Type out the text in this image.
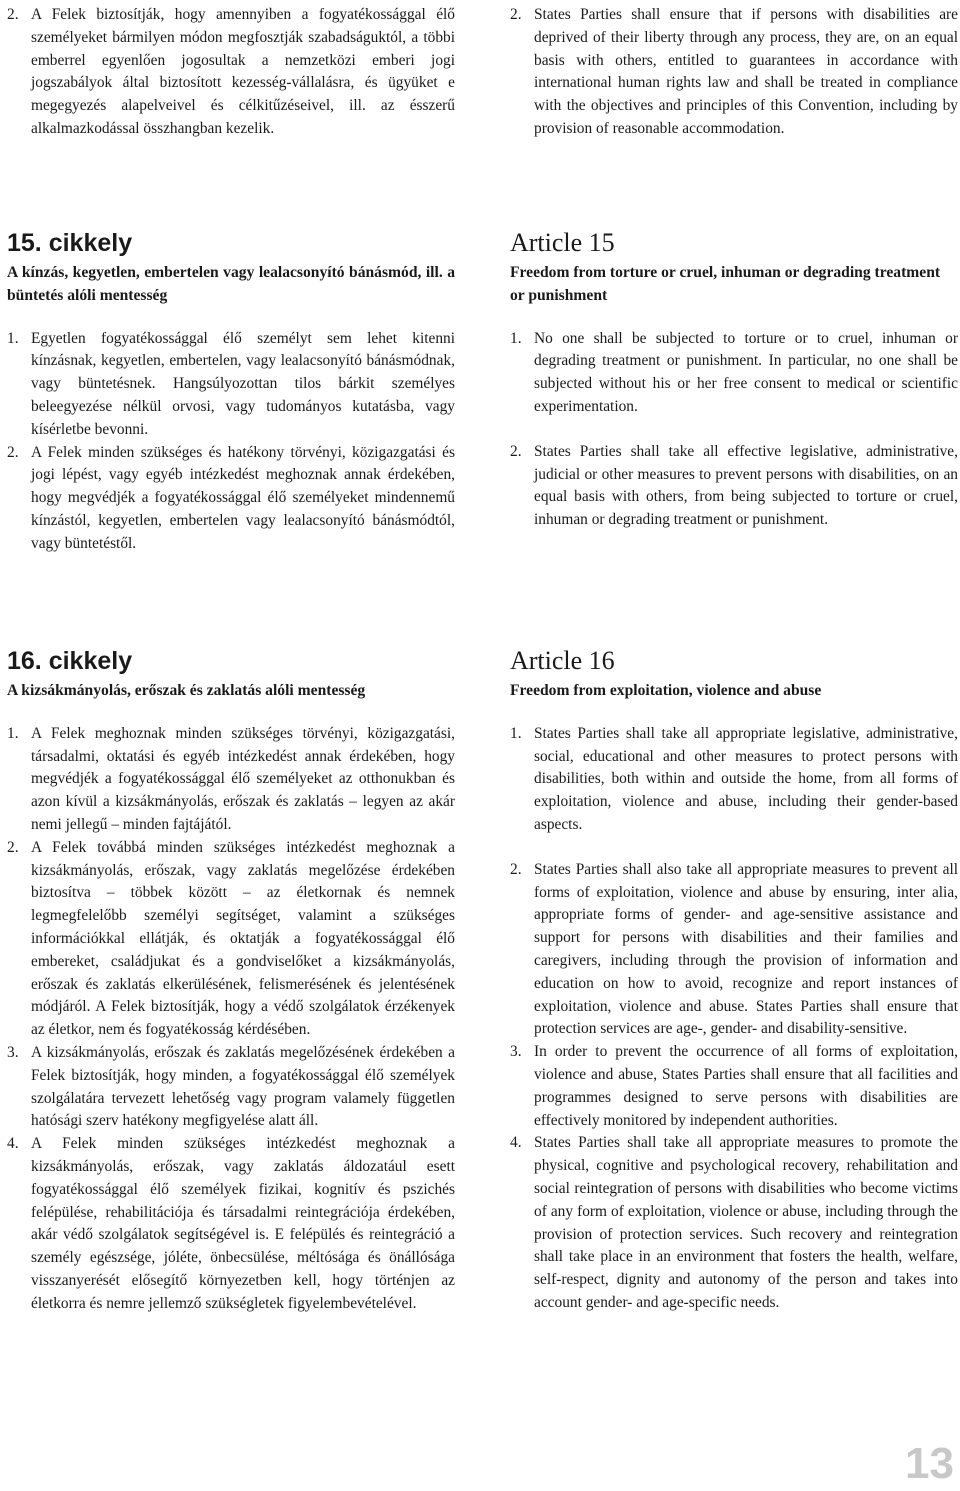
2. A Felek biztosítják, hogy amennyiben a fogyatékossággal élő személyeket bármilyen módon megfosztják szabadságuktól, a többi emberrel egyenlően jogosultak a nemzetközi emberi jogi jogszabályok által biztosított kezesség-vállalásra, és ügyüket e megegyezés alapelveivel és célkitűzéseivel, ill. az ésszerű alkalmazkodással összhangban kezelik.

2. States Parties shall ensure that if persons with disabilities are deprived of their liberty through any process, they are, on an equal basis with others, entitled to guarantees in accordance with international human rights law and shall be treated in compliance with the objectives and principles of this Convention, including by provision of reasonable accommodation.

15. cikkely

A kínzás, kegyetlen, embertelen vagy lealacsonyító bánásmód, ill. a büntetés alóli mentesség

1. Egyetlen fogyatékossággal élő személyt sem lehet kitenni kínzásnak, kegyetlen, embertelen, vagy lealacsonyító bánásmódnak, vagy büntetésnek. Hangsúlyozottan tilos bárkit személyes beleegyezése nélkül orvosi, vagy tudományos kutatásba, vagy kísérletbe bevonni.

2. A Felek minden szükséges és hatékony törvényi, közigazgatási és jogi lépést, vagy egyéb intézkedést meghoznak annak érdekében, hogy megvédjék a fogyatékossággal élő személyeket mindennemű kínzástól, kegyetlen, embertelen vagy lealacsonyító bánásmódtól, vagy büntetéstől.

Article 15

Freedom from torture or cruel, inhuman or degrading treatment or punishment

1. No one shall be subjected to torture or to cruel, inhuman or degrading treatment or punishment. In particular, no one shall be subjected without his or her free consent to medical or scientific experimentation.

2. States Parties shall take all effective legislative, administrative, judicial or other measures to prevent persons with disabilities, on an equal basis with others, from being subjected to torture or cruel, inhuman or degrading treatment or punishment.

16. cikkely

A kizsákmányolás, erőszak és zaklatás alóli mentesség

1. A Felek meghoznak minden szükséges törvényi, közigazgatási, társadalmi, oktatási és egyéb intézkedést annak érdekében, hogy megvédjék a fogyatékossággal élő személyeket az otthonukban és azon kívül a kizsákmányolás, erőszak és zaklatás – legyen az akár nemi jellegű – minden fajtájától.

2. A Felek továbbá minden szükséges intézkedést meghoznak a kizsákmányolás, erőszak, vagy zaklatás megelőzése érdekében biztosítva – többek között – az életkornak és nemnek legmegfelelőbb személyi segítséget, valamint a szükséges információkkal ellátják, és oktatják a fogyatékossággal élő embereket, családjukat és a gondviselőket a kizsákmányolás, erőszak és zaklatás elkerülésének, felismerésének és jelentésének módjáról. A Felek biztosítják, hogy a védő szolgálatok érzékenyek az életkor, nem és fogyatékosság kérdésében.

3. A kizsákmányolás, erőszak és zaklatás megelőzésének érdekében a Felek biztosítják, hogy minden, a fogyatékossággal élő személyek szolgálatára tervezett lehetőség vagy program valamely független hatósági szerv hatékony megfigyelése alatt áll.

4. A Felek minden szükséges intézkedést meghoznak a kizsákmányolás, erőszak, vagy zaklatás áldozatául esett fogyatékossággal élő személyek fizikai, kognitív és pszichés felépülése, rehabilitációja és társadalmi reintegrációja érdekében, akár védő szolgálatok segítségével is. E felépülés és reintegráció a személy egészsége, jóléte, önbecsülése, méltósága és önállósága visszanyerését elősegítő környezetben kell, hogy történjen az életkorra és nemre jellemző szükségletek figyelembevételével.

Article 16

Freedom from exploitation, violence and abuse

1. States Parties shall take all appropriate legislative, administrative, social, educational and other measures to protect persons with disabilities, both within and outside the home, from all forms of exploitation, violence and abuse, including their gender-based aspects.

2. States Parties shall also take all appropriate measures to prevent all forms of exploitation, violence and abuse by ensuring, inter alia, appropriate forms of gender- and age-sensitive assistance and support for persons with disabilities and their families and caregivers, including through the provision of information and education on how to avoid, recognize and report instances of exploitation, violence and abuse. States Parties shall ensure that protection services are age-, gender- and disability-sensitive.

3. In order to prevent the occurrence of all forms of exploitation, violence and abuse, States Parties shall ensure that all facilities and programmes designed to serve persons with disabilities are effectively monitored by independent authorities.

4. States Parties shall take all appropriate measures to promote the physical, cognitive and psychological recovery, rehabilitation and social reintegration of persons with disabilities who become victims of any form of exploitation, violence or abuse, including through the provision of protection services. Such recovery and reintegration shall take place in an environment that fosters the health, welfare, self-respect, dignity and autonomy of the person and takes into account gender- and age-specific needs.

13
